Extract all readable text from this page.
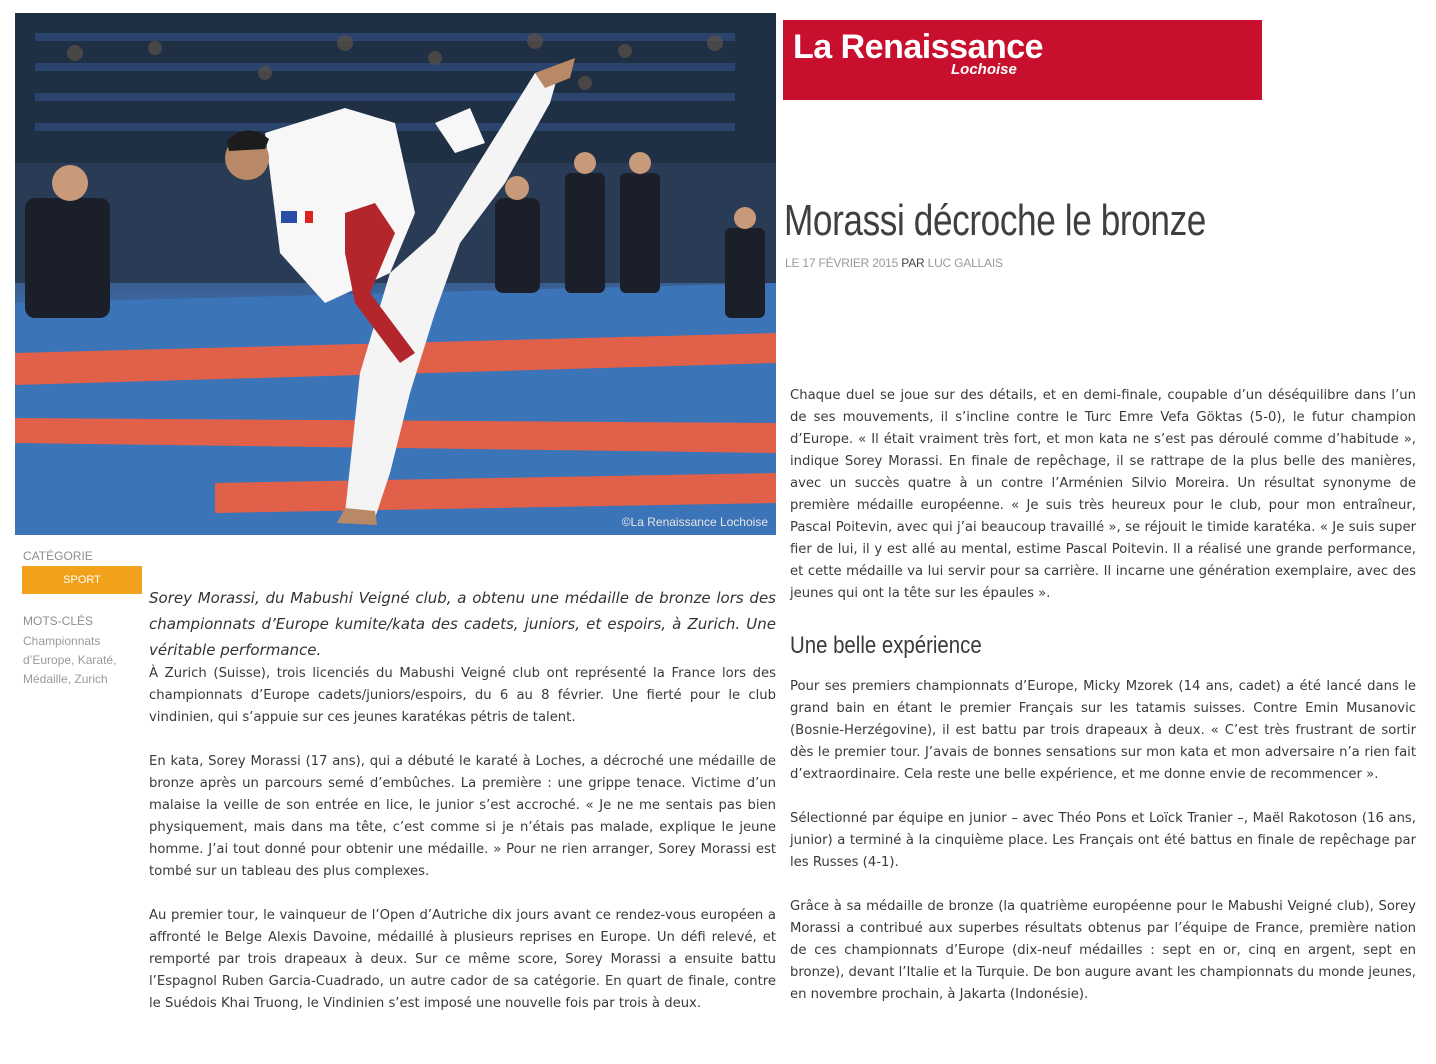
©La Renaissance Lochoise
La Renaissance
Lochoise
Morassi décroche le bronze
LE 17 FÉVRIER 2015 PAR LUC GALLAIS
CATÉGORIE
SPORT
MOTS-CLÉS
Championnats d’Europe, Karaté, Médaille, Zurich

Sorey Morassi, du Mabushi Veigné club, a obtenu une médaille de bronze lors des championnats d’Europe kumite/kata des cadets, juniors, et espoirs, à Zurich. Une véritable performance.

À Zurich (Suisse), trois licenciés du Mabushi Veigné club ont représenté la France lors des championnats d’Europe cadets/juniors/espoirs, du 6 au 8 février. Une fierté pour le club vindinien, qui s’appuie sur ces jeunes karatékas pétris de talent.

En kata, Sorey Morassi (17 ans), qui a débuté le karaté à Loches, a décroché une médaille de bronze après un parcours semé d’embûches. La première : une grippe tenace. Victime d’un malaise la veille de son entrée en lice, le junior s’est accroché. « Je ne me sentais pas bien physiquement, mais dans ma tête, c’est comme si je n’étais pas malade, explique le jeune homme. J’ai tout donné pour obtenir une médaille. » Pour ne rien arranger, Sorey Morassi est tombé sur un tableau des plus complexes.

Au premier tour, le vainqueur de l’Open d’Autriche dix jours avant ce rendez-vous européen a affronté le Belge Alexis Davoine, médaillé à plusieurs reprises en Europe. Un défi relevé, et remporté par trois drapeaux à deux. Sur ce même score, Sorey Morassi a ensuite battu l’Espagnol Ruben Garcia-Cuadrado, un autre cador de sa catégorie. En quart de finale, contre le Suédois Khai Truong, le Vindinien s’est imposé une nouvelle fois par trois à deux.

Chaque duel se joue sur des détails, et en demi-finale, coupable d’un déséquilibre dans l’un de ses mouvements, il s’incline contre le Turc Emre Vefa Göktas (5-0), le futur champion d’Europe. « Il était vraiment très fort, et mon kata ne s’est pas déroulé comme d’habitude », indique Sorey Morassi. En finale de repêchage, il se rattrape de la plus belle des manières, avec un succès quatre à un contre l’Arménien Silvio Moreira. Un résultat synonyme de première médaille européenne. « Je suis très heureux pour le club, pour mon entraîneur, Pascal Poitevin, avec qui j’ai beaucoup travaillé », se réjouit le timide karatéka. « Je suis super fier de lui, il y est allé au mental, estime Pascal Poitevin. Il a réalisé une grande performance, et cette médaille va lui servir pour sa carrière. Il incarne une génération exemplaire, avec des jeunes qui ont la tête sur les épaules ».

Une belle expérience

Pour ses premiers championnats d’Europe, Micky Mzorek (14 ans, cadet) a été lancé dans le grand bain en étant le premier Français sur les tatamis suisses. Contre Emin Musanovic (Bosnie-Herzégovine), il est battu par trois drapeaux à deux. « C’est très frustrant de sortir dès le premier tour. J’avais de bonnes sensations sur mon kata et mon adversaire n’a rien fait d’extraordinaire. Cela reste une belle expérience, et me donne envie de recommencer ».

Sélectionné par équipe en junior – avec Théo Pons et Loïck Tranier –, Maël Rakotoson (16 ans, junior) a terminé à la cinquième place. Les Français ont été battus en finale de repêchage par les Russes (4-1).

Grâce à sa médaille de bronze (la quatrième européenne pour le Mabushi Veigné club), Sorey Morassi a contribué aux superbes résultats obtenus par l’équipe de France, première nation de ces championnats d’Europe (dix-neuf médailles : sept en or, cinq en argent, sept en bronze), devant l’Italie et la Turquie. De bon augure avant les championnats du monde jeunes, en novembre prochain, à Jakarta (Indonésie).
